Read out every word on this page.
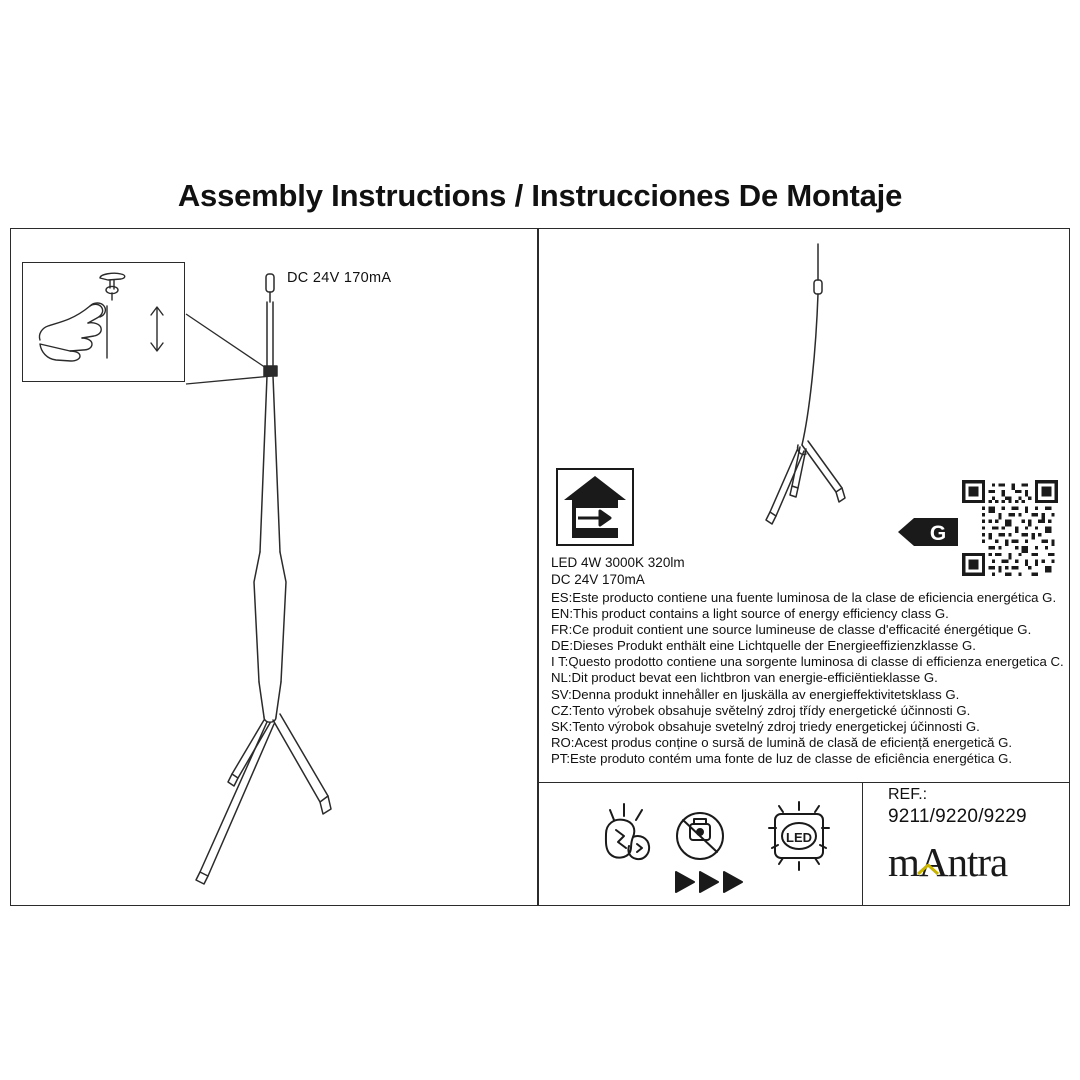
Assembly Instructions / Instrucciones De Montaje
DC 24V 170mA
LED 4W 3000K 320lm
DC 24V 170mA
ES:Este producto contiene una fuente luminosa de la clase de eficiencia energética G.
EN:This product contains a light source of energy efficiency class G.
FR:Ce produit contient une source lumineuse de classe d'efficacité énergétique G.
DE:Dieses Produkt enthält eine Lichtquelle der Energieeffizienzklasse G.
I T:Questo prodotto contiene una sorgente luminosa di classe di efficienza energetica C.
NL:Dit product bevat een lichtbron van energie-efficiëntieklasse G.
SV:Denna produkt innehåller en ljuskälla av energieffektivitetsklass G.
CZ:Tento výrobek obsahuje světelný zdroj třídy energetické účinnosti G.
SK:Tento výrobok obsahuje svetelný zdroj triedy energetickej účinnosti G.
RO:Acest produs conține o sursă de lumină de clasă de eficiență energetică G.
PT:Este produto contém uma fonte de luz de classe de eficiência energética G.
G
LED
REF.:
9211/9220/9229
mAntra
